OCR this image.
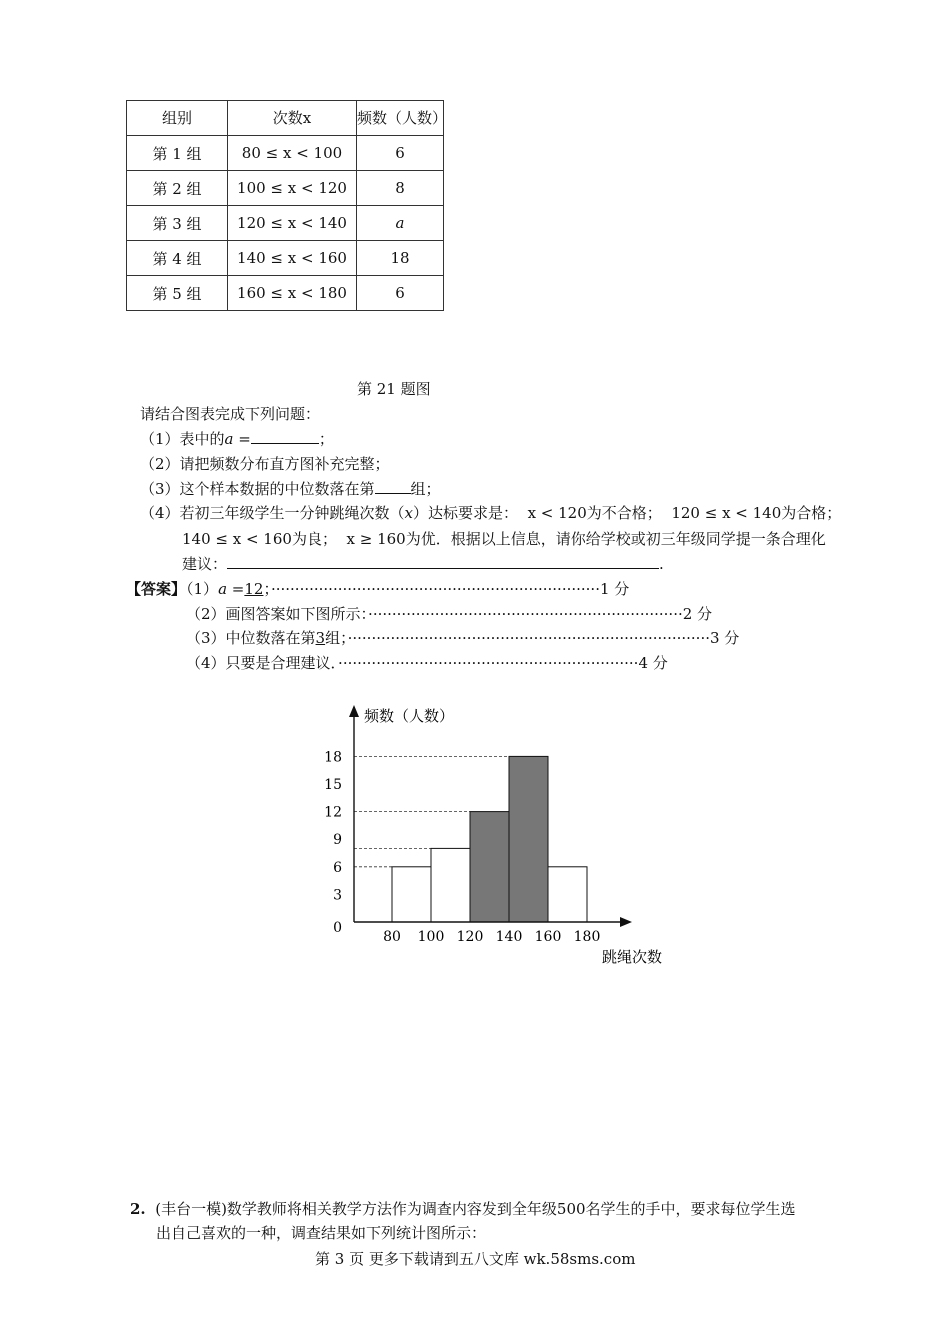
组别	次数x	频数（人数）
第 1 组	80 ≤ x < 100	6
第 2 组	100 ≤ x < 120	8
第 3 组	120 ≤ x < 140	a
第 4 组	140 ≤ x < 160	18
第 5 组	160 ≤ x < 180	6
第 21 题图
请结合图表完成下列问题：
（1）表中的a =	；
（2）请把频数分布直方图补充完整；
（3）这个样本数据的中位数落在第 组；
（4）若初三年级学生一分钟跳绳次数（x）达标要求是： x < 120为不合格； 120 ≤ x < 140为合格；
140 ≤ x < 160为良； x ≥ 160为优．根据以上信息，请你给学校或初三年级同学提一条合理化
建议：	.
【答案】（1）a =12；·····································································1 分
（2）画图答案如下图所示：··································································2 分
（3）中位数落在第3组；············································································3 分
（4）只要是合理建议．·······························································4 分
0
3
6
9
12
15
18
80 100 120 140 160 180
频数（人数）
跳绳次数
2. (丰台一模)数学教师将相关教学方法作为调查内容发到全年级500名学生的手中，要求每位学生选
出自己喜欢的一种，调查结果如下列统计图所示：
第 3 页 更多下载请到五八文库 wk.58sms.com
